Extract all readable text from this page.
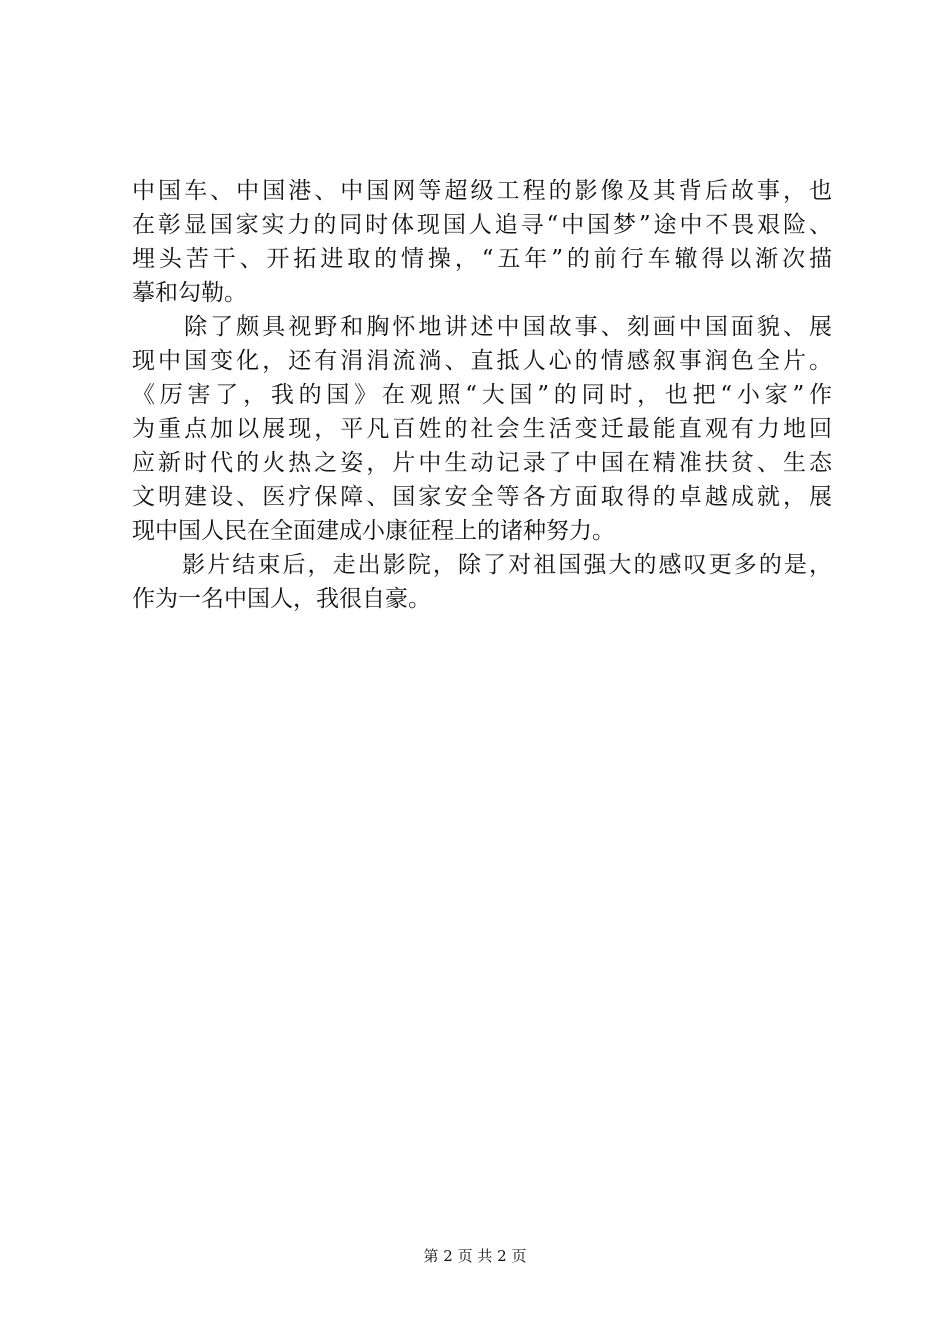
中国车、中国港、中国网等超级工程的影像及其背后故事，也
在彰显国家实力的同时体现国人追寻“中国梦”途中不畏艰险、
埋头苦干、开拓进取的情操，“五年”的前行车辙得以渐次描
摹和勾勒。
　　除了颇具视野和胸怀地讲述中国故事、刻画中国面貌、展
现中国变化，还有涓涓流淌、直抵人心的情感叙事润色全片。
《厉害了，我的国》在观照“大国”的同时，也把“小家”作
为重点加以展现，平凡百姓的社会生活变迁最能直观有力地回
应新时代的火热之姿，片中生动记录了中国在精准扶贫、生态
文明建设、医疗保障、国家安全等各方面取得的卓越成就，展
现中国人民在全面建成小康征程上的诸种努力。
　　影片结束后，走出影院，除了对祖国强大的感叹更多的是，
作为一名中国人，我很自豪。
第 2 页 共 2 页
